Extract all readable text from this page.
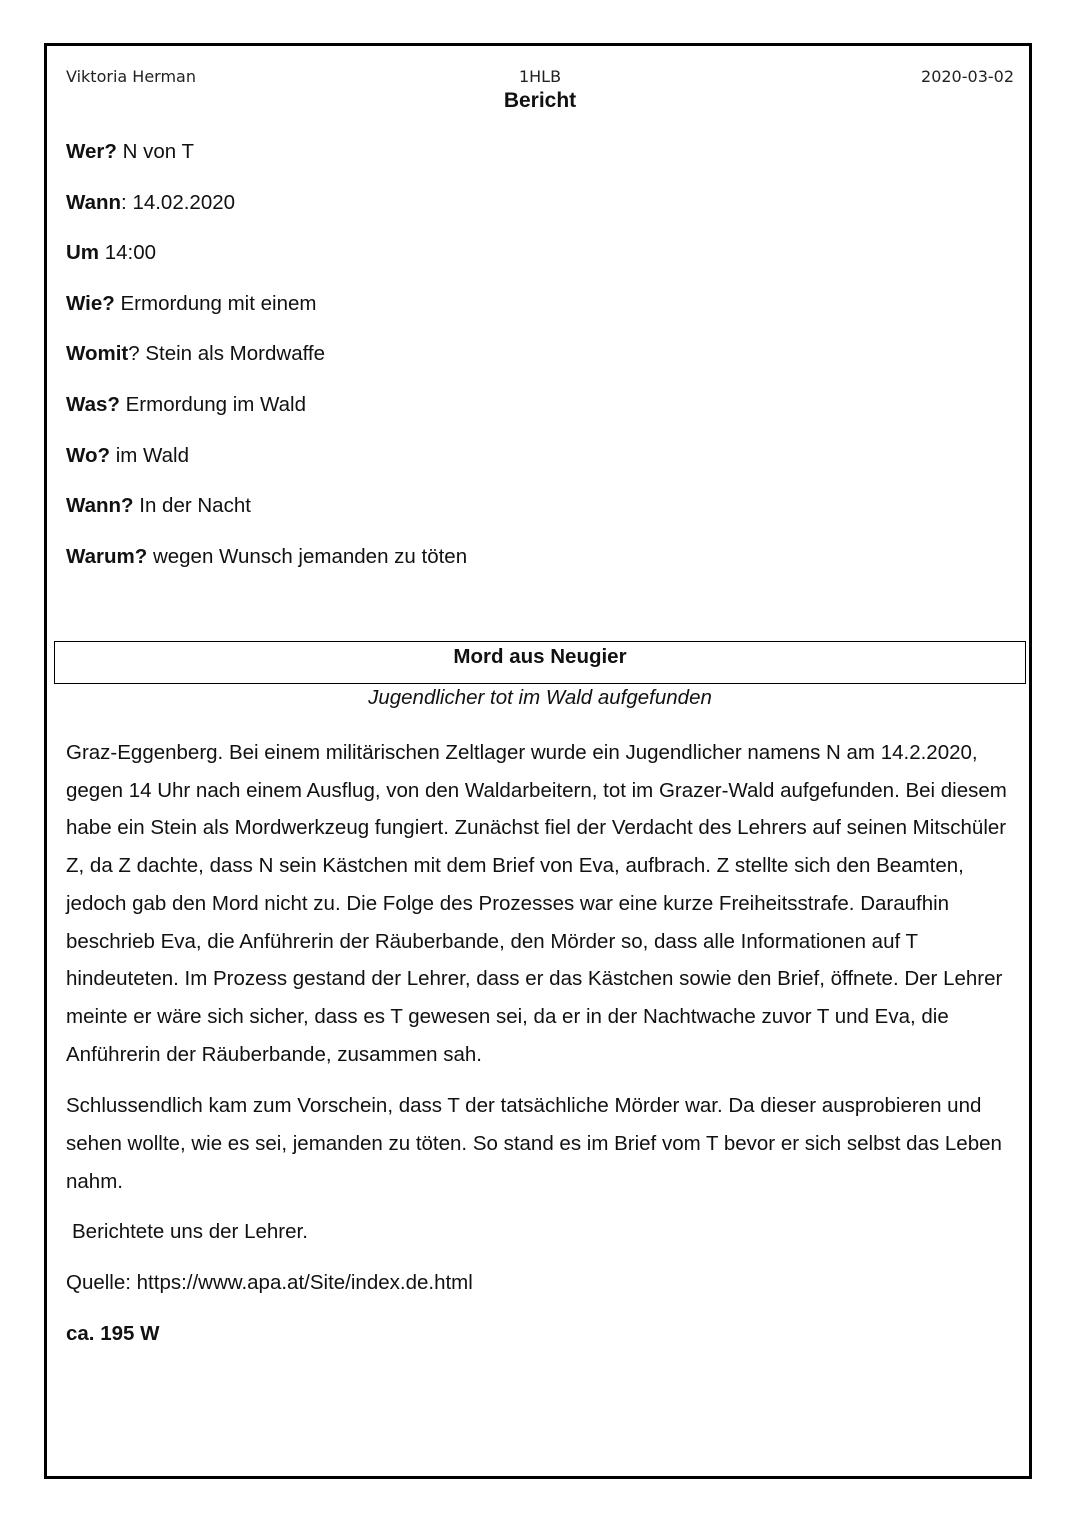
Viktoria Herman	1HLB	2020-03-02
Bericht
Wer? N von T
Wann: 14.02.2020
Um 14:00
Wie? Ermordung mit einem
Womit? Stein als Mordwaffe
Was? Ermordung im Wald
Wo? im Wald
Wann? In der Nacht
Warum? wegen Wunsch jemanden zu töten
Mord aus Neugier
Jugendlicher tot im Wald aufgefunden

Graz-Eggenberg. Bei einem militärischen Zeltlager wurde ein Jugendlicher namens N am 14.2.2020, gegen 14 Uhr nach einem Ausflug, von den Waldarbeitern, tot im Grazer-Wald aufgefunden. Bei diesem habe ein Stein als Mordwerkzeug fungiert. Zunächst fiel der Verdacht des Lehrers auf seinen Mitschüler Z, da Z dachte, dass N sein Kästchen mit dem Brief von Eva, aufbrach. Z stellte sich den Beamten, jedoch gab den Mord nicht zu. Die Folge des Prozesses war eine kurze Freiheitsstrafe. Daraufhin beschrieb Eva, die Anführerin der Räuberbande, den Mörder so, dass alle Informationen auf T hindeuteten. Im Prozess gestand der Lehrer, dass er das Kästchen sowie den Brief, öffnete. Der Lehrer meinte er wäre sich sicher, dass es T gewesen sei, da er in der Nachtwache zuvor T und Eva, die Anführerin der Räuberbande, zusammen sah.

Schlussendlich kam zum Vorschein, dass T der tatsächliche Mörder war. Da dieser ausprobieren und sehen wollte, wie es sei, jemanden zu töten. So stand es im Brief vom T bevor er sich selbst das Leben nahm.

Berichtete uns der Lehrer.

Quelle: https://www.apa.at/Site/index.de.html

ca. 195 W
